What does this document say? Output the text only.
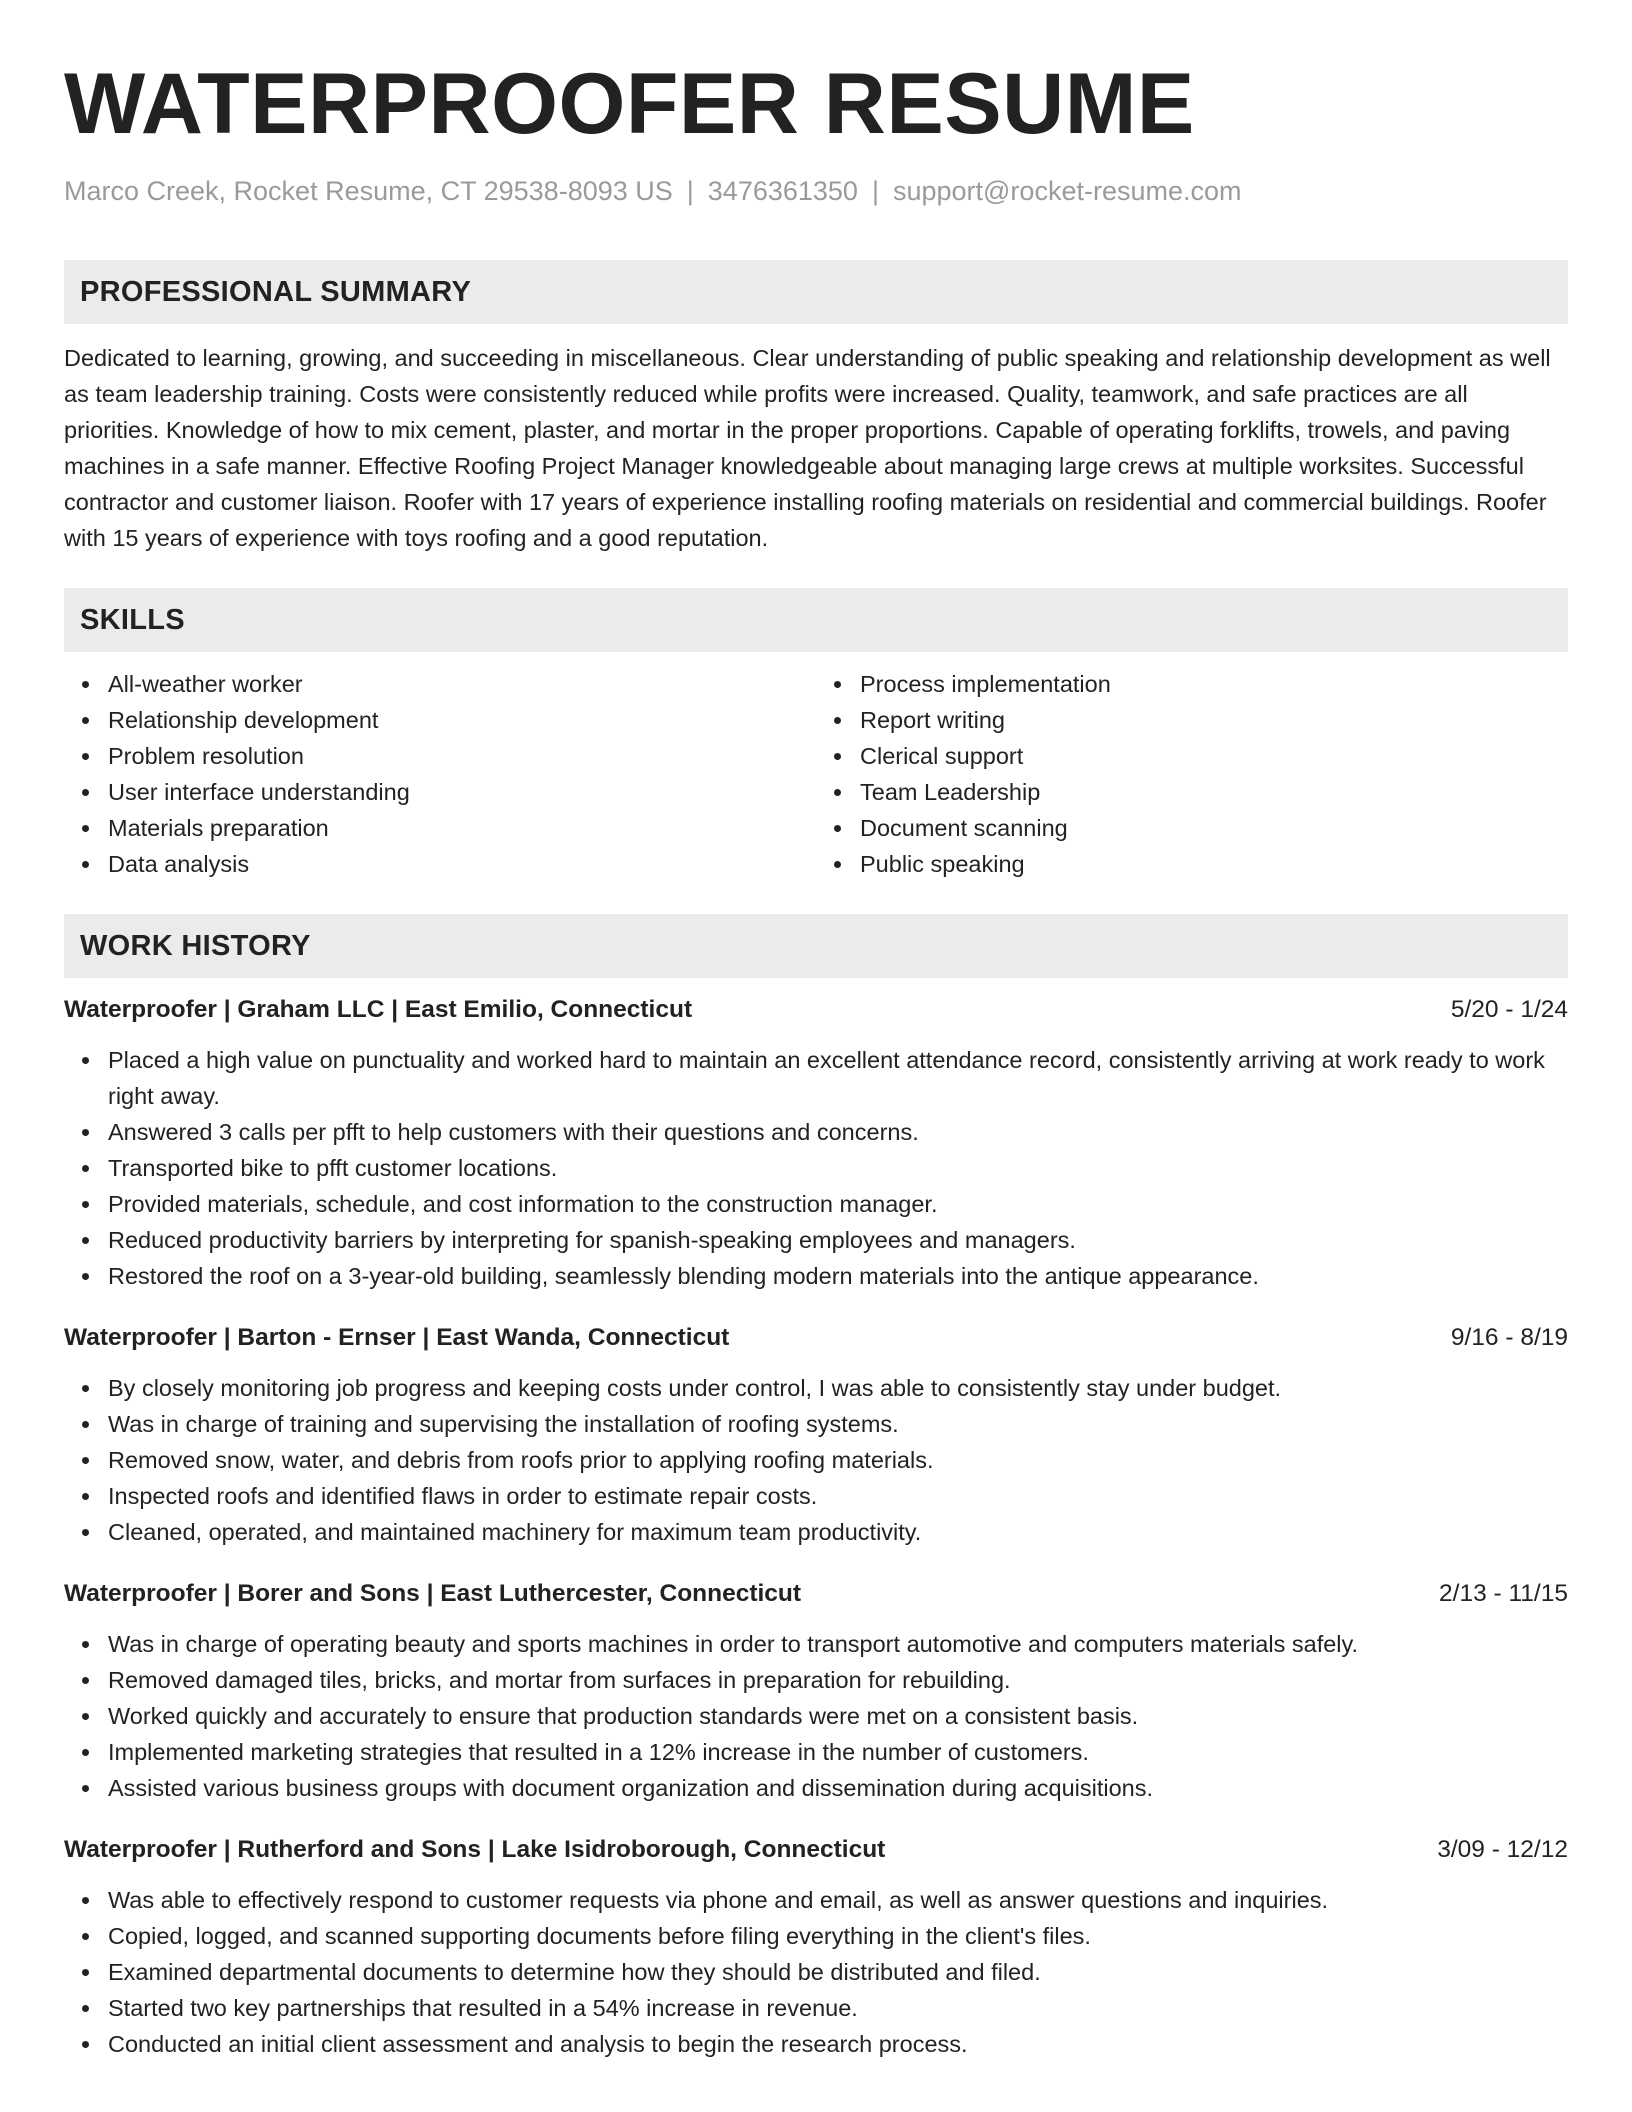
WATERPROOFER RESUME
Marco Creek, Rocket Resume, CT 29538-8093 US | 3476361350 | support@rocket-resume.com
PROFESSIONAL SUMMARY

Dedicated to learning, growing, and succeeding in miscellaneous. Clear understanding of public speaking and relationship development as well as team leadership training. Costs were consistently reduced while profits were increased. Quality, teamwork, and safe practices are all priorities. Knowledge of how to mix cement, plaster, and mortar in the proper proportions. Capable of operating forklifts, trowels, and paving machines in a safe manner. Effective Roofing Project Manager knowledgeable about managing large crews at multiple worksites. Successful contractor and customer liaison. Roofer with 17 years of experience installing roofing materials on residential and commercial buildings. Roofer with 15 years of experience with toys roofing and a good reputation.

SKILLS
All-weather worker
Relationship development
Problem resolution
User interface understanding
Materials preparation
Data analysis
Process implementation
Report writing
Clerical support
Team Leadership
Document scanning
Public speaking
WORK HISTORY
Waterproofer | Graham LLC | East Emilio, Connecticut	5/20 - 1/24
Placed a high value on punctuality and worked hard to maintain an excellent attendance record, consistently arriving at work ready to work right away.
Answered 3 calls per pfft to help customers with their questions and concerns.
Transported bike to pfft customer locations.
Provided materials, schedule, and cost information to the construction manager.
Reduced productivity barriers by interpreting for spanish-speaking employees and managers.
Restored the roof on a 3-year-old building, seamlessly blending modern materials into the antique appearance.
Waterproofer | Barton - Ernser | East Wanda, Connecticut	9/16 - 8/19
By closely monitoring job progress and keeping costs under control, I was able to consistently stay under budget.
Was in charge of training and supervising the installation of roofing systems.
Removed snow, water, and debris from roofs prior to applying roofing materials.
Inspected roofs and identified flaws in order to estimate repair costs.
Cleaned, operated, and maintained machinery for maximum team productivity.
Waterproofer | Borer and Sons | East Luthercester, Connecticut	2/13 - 11/15
Was in charge of operating beauty and sports machines in order to transport automotive and computers materials safely.
Removed damaged tiles, bricks, and mortar from surfaces in preparation for rebuilding.
Worked quickly and accurately to ensure that production standards were met on a consistent basis.
Implemented marketing strategies that resulted in a 12% increase in the number of customers.
Assisted various business groups with document organization and dissemination during acquisitions.
Waterproofer | Rutherford and Sons | Lake Isidroborough, Connecticut	3/09 - 12/12
Was able to effectively respond to customer requests via phone and email, as well as answer questions and inquiries.
Copied, logged, and scanned supporting documents before filing everything in the client's files.
Examined departmental documents to determine how they should be distributed and filed.
Started two key partnerships that resulted in a 54% increase in revenue.
Conducted an initial client assessment and analysis to begin the research process.
